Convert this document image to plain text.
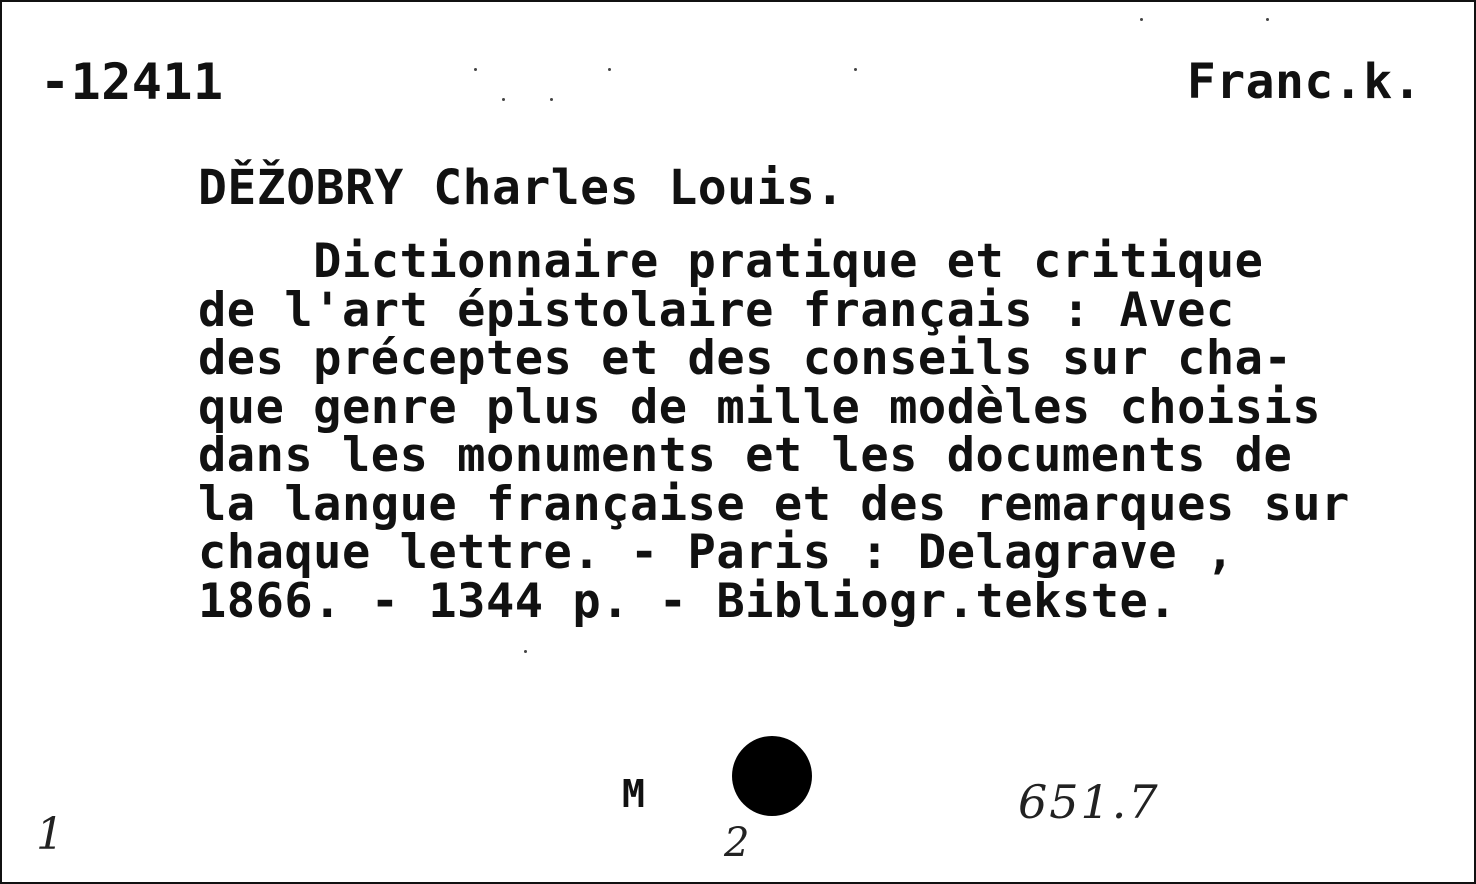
-12411	Franc.k.
DĚŽOBRY Charles Louis.
Dictionnaire pratique et critique
de l'art épistolaire français : Avec
des préceptes et des conseils sur cha-
que genre plus de mille modèles choisis
dans les monuments et les documents de
la langue française et des remarques sur
chaque lettre. - Paris : Delagrave ,
1866. - 1344 p. - Bibliogr.tekste.
M
1	2
651.7
